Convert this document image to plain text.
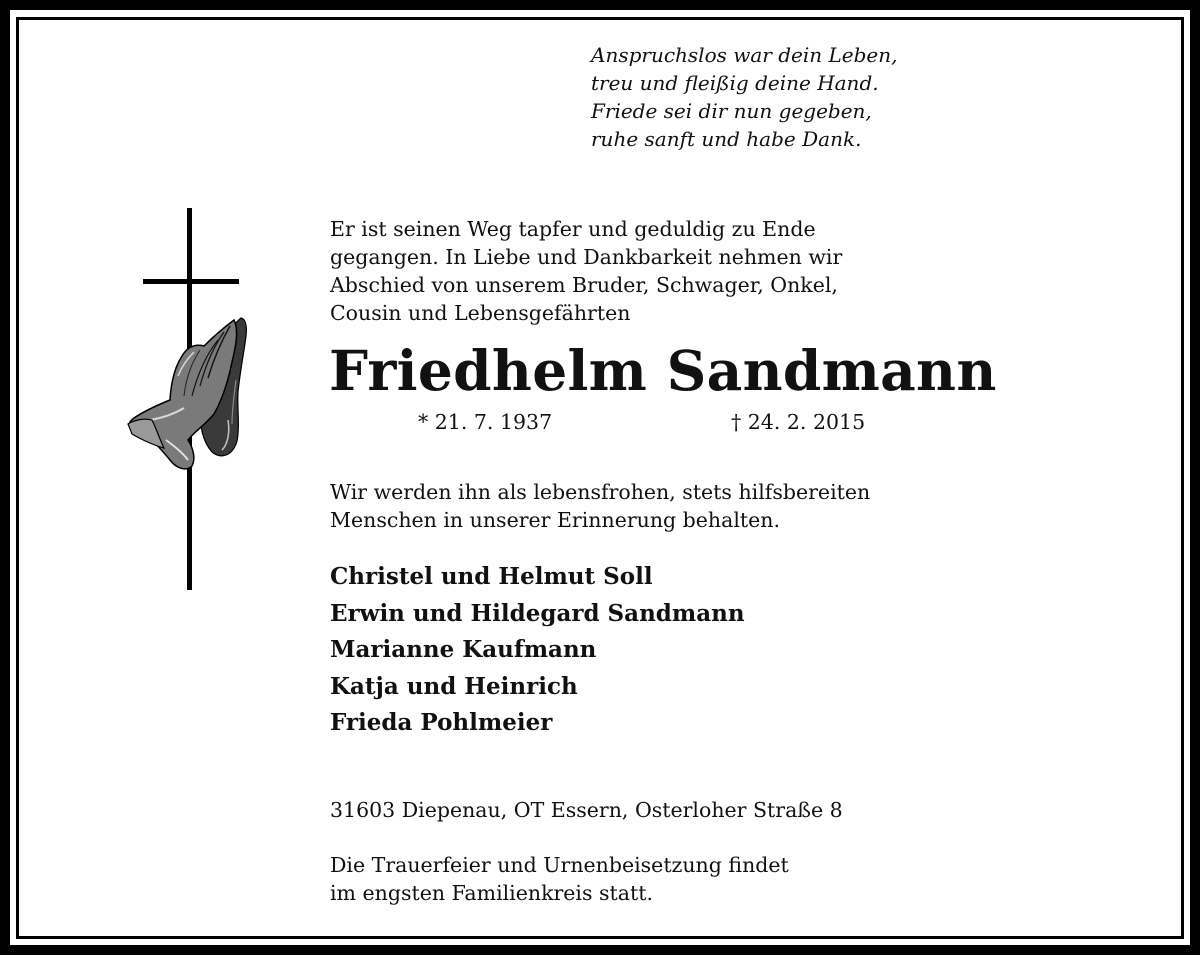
Anspruchslos war dein Leben,
treu und fleißig deine Hand.
Friede sei dir nun gegeben,
ruhe sanft und habe Dank.
Er ist seinen Weg tapfer und geduldig zu Ende
gegangen. In Liebe und Dankbarkeit nehmen wir
Abschied von unserem Bruder, Schwager, Onkel,
Cousin und Lebensgefährten
Friedhelm Sandmann
* 21. 7. 1937	† 24. 2. 2015
Wir werden ihn als lebensfrohen, stets hilfsbereiten
Menschen in unserer Erinnerung behalten.
Christel und Helmut Soll
Erwin und Hildegard Sandmann
Marianne Kaufmann
Katja und Heinrich
Frieda Pohlmeier
31603 Diepenau, OT Essern, Osterloher Straße 8
Die Trauerfeier und Urnenbeisetzung findet
im engsten Familienkreis statt.
